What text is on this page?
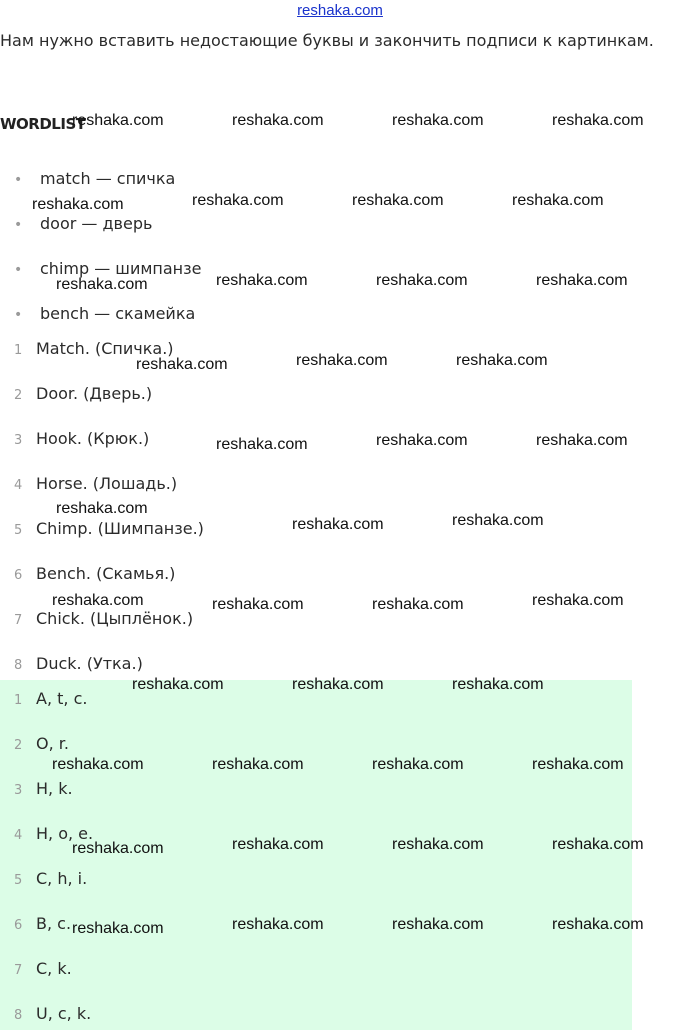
reshaka.com
Нам нужно вставить недостающие буквы и закончить подписи к картинкам.
WORDLIST
• match — спичка
• door — дверь
• chimp — шимпанзе
• bench — скамейка
1 Match. (Спичка.)
2 Door. (Дверь.)
3 Hook. (Крюк.)
4 Horse. (Лошадь.)
5 Chimp. (Шимпанзе.)
6 Bench. (Скамья.)
7 Chick. (Цыплёнок.)
8 Duck. (Утка.)
1 A, t, c.
2 O, r.
3 H, k.
4 H, o, e.
5 C, h, i.
6 B, c.
7 C, k.
8 U, c, k.
reshaka.com	reshaka.com	reshaka.com	reshaka.com
reshaka.com	reshaka.com	reshaka.com	reshaka.com
reshaka.com	reshaka.com	reshaka.com	reshaka.com
reshaka.com	reshaka.com	reshaka.com
reshaka.com	reshaka.com	reshaka.com
reshaka.com
reshaka.com	reshaka.com
reshaka.com	reshaka.com	reshaka.com	reshaka.com
reshaka.com	reshaka.com	reshaka.com
reshaka.com	reshaka.com	reshaka.com	reshaka.com
reshaka.com	reshaka.com	reshaka.com	reshaka.com
reshaka.com	reshaka.com	reshaka.com	reshaka.com
